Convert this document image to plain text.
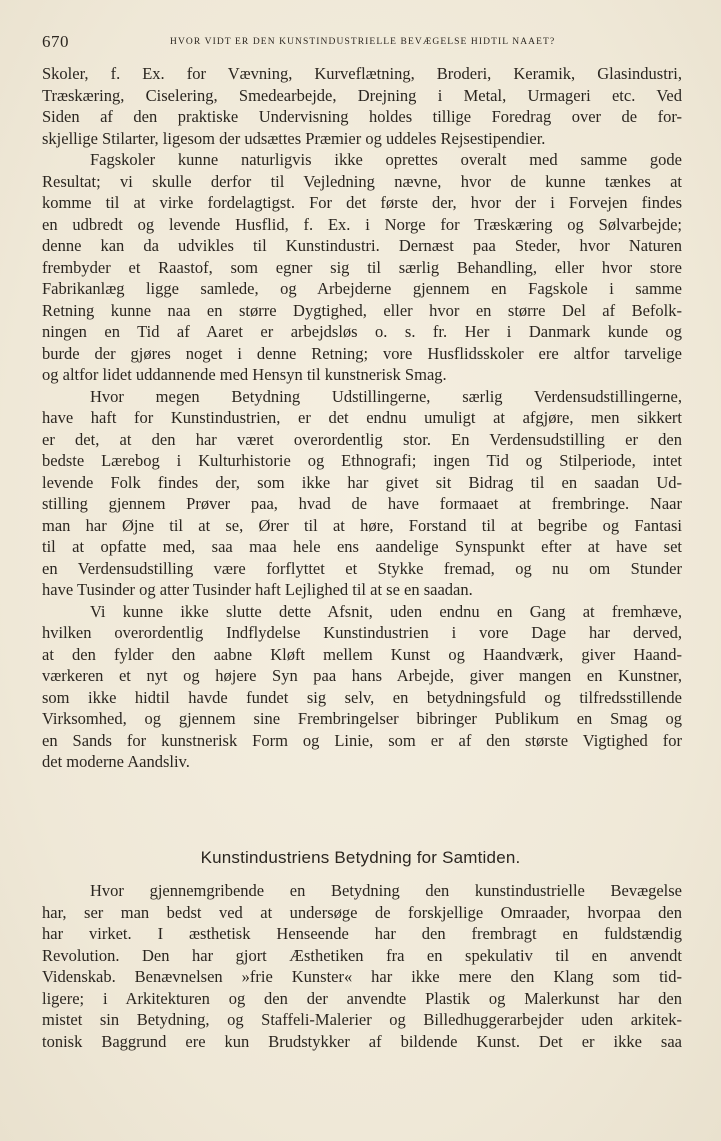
670	HVOR VIDT ER DEN KUNSTINDUSTRIELLE BEVÆGELSE HIDTIL NAAET?
Skoler, f. Ex. for Vævning, Kurveflætning, Broderi, Keramik, Glasindustri,
Træskæring, Ciselering, Smedearbejde, Drejning i Metal, Urmageri etc. Ved
Siden af den praktiske Undervisning holdes tillige Foredrag over de for-
skjellige Stilarter, ligesom der udsættes Præmier og uddeles Rejsestipendier.
Fagskoler kunne naturligvis ikke oprettes overalt med samme gode
Resultat; vi skulle derfor til Vejledning nævne, hvor de kunne tænkes at
komme til at virke fordelagtigst. For det første der, hvor der i Forvejen findes
en udbredt og levende Husflid, f. Ex. i Norge for Træskæring og Sølvarbejde;
denne kan da udvikles til Kunstindustri. Dernæst paa Steder, hvor Naturen
frembyder et Raastof, som egner sig til særlig Behandling, eller hvor store
Fabrikanlæg ligge samlede, og Arbejderne gjennem en Fagskole i samme
Retning kunne naa en større Dygtighed, eller hvor en større Del af Befolk-
ningen en Tid af Aaret er arbejdsløs o. s. fr. Her i Danmark kunde og
burde der gjøres noget i denne Retning; vore Husflidsskoler ere altfor tarvelige
og altfor lidet uddannende med Hensyn til kunstnerisk Smag.
Hvor megen Betydning Udstillingerne, særlig Verdensudstillingerne,
have haft for Kunstindustrien, er det endnu umuligt at afgjøre, men sikkert
er det, at den har været overordentlig stor. En Verdensudstilling er den
bedste Lærebog i Kulturhistorie og Ethnografi; ingen Tid og Stilperiode, intet
levende Folk findes der, som ikke har givet sit Bidrag til en saadan Ud-
stilling gjennem Prøver paa, hvad de have formaaet at frembringe. Naar
man har Øjne til at se, Ører til at høre, Forstand til at begribe og Fantasi
til at opfatte med, saa maa hele ens aandelige Synspunkt efter at have set
en Verdensudstilling være forflyttet et Stykke fremad, og nu om Stunder
have Tusinder og atter Tusinder haft Lejlighed til at se en saadan.
Vi kunne ikke slutte dette Afsnit, uden endnu en Gang at fremhæve,
hvilken overordentlig Indflydelse Kunstindustrien i vore Dage har derved,
at den fylder den aabne Kløft mellem Kunst og Haandværk, giver Haand-
værkeren et nyt og højere Syn paa hans Arbejde, giver mangen en Kunstner,
som ikke hidtil havde fundet sig selv, en betydningsfuld og tilfredsstillende
Virksomhed, og gjennem sine Frembringelser bibringer Publikum en Smag og
en Sands for kunstnerisk Form og Linie, som er af den største Vigtighed for
det moderne Aandsliv.
Kunstindustriens Betydning for Samtiden.
Hvor gjennemgribende en Betydning den kunstindustrielle Bevægelse
har, ser man bedst ved at undersøge de forskjellige Omraader, hvorpaa den
har virket. I æsthetisk Henseende har den frembragt en fuldstændig
Revolution. Den har gjort Æsthetiken fra en spekulativ til en anvendt
Videnskab. Benævnelsen »frie Kunster« har ikke mere den Klang som tid-
ligere; i Arkitekturen og den der anvendte Plastik og Malerkunst har den
mistet sin Betydning, og Staffeli-Malerier og Billedhuggerarbejder uden arkitek-
tonisk Baggrund ere kun Brudstykker af bildende Kunst. Det er ikke saa
